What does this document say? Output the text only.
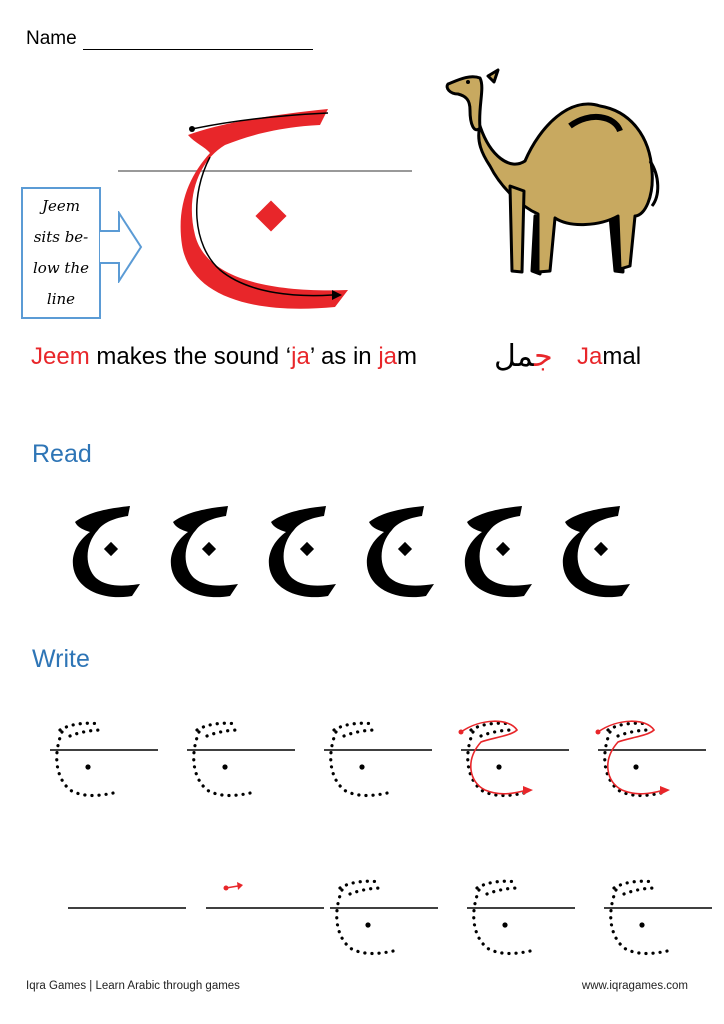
Name
Jeem
sits be-
low the
line
Jeem makes the sound ‘ja’ as in jam	جمل	Jamal
Read
Write
Iqra Games | Learn Arabic through games	www.iqragames.com
